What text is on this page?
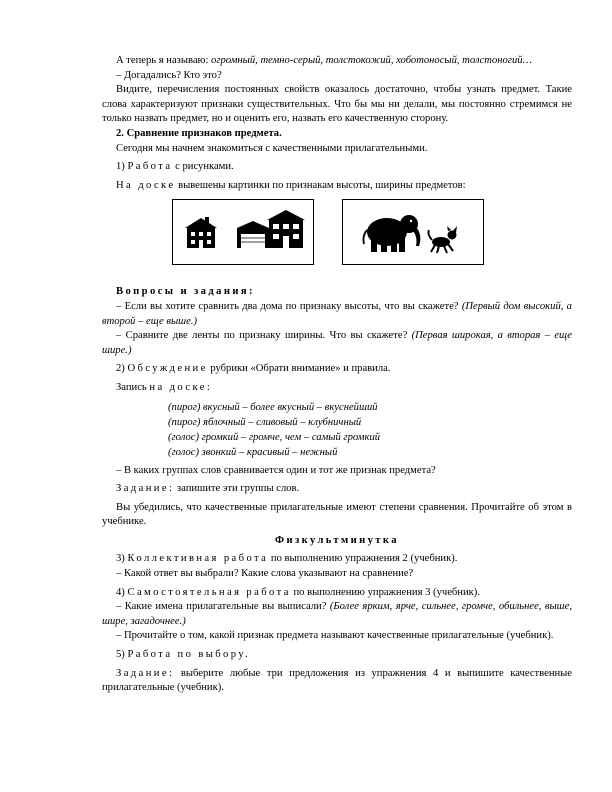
А теперь я называю: огромный, темно-серый, толстокожий, хоботоносый, толстоногий…

– Догадались? Кто это?

Видите, перечисления постоянных свойств оказалось достаточно, чтобы узнать предмет. Такие слова характеризуют признаки существительных. Что бы мы ни делали, мы постоянно стремимся не только назвать предмет, но и оценить его, назвать его качественную сторону.

2. Сравнение признаков предмета.

Сегодня мы начнем знакомиться с качественными прилагательными.

1) Работа с рисунками.

На доске вывешены картинки по признакам высоты, ширины предметов:

Вопросы и задания:

– Если вы хотите сравнить два дома по признаку высоты, что вы скажете? (Первый дом высокий, а второй – еще выше.)

– Сравните две ленты по признаку ширины. Что вы скажете? (Первая широкая, а вторая – еще шире.)

2) Обсуждение рубрики «Обрати внимание» и правила.

Запись на доске:

(пирог) вкусный – более вкусный – вкуснейший
(пирог) яблочный – сливовый – клубничный
(голос) громкий – громче, чем – самый громкий
(голос) звонкий – красивый – нежный

– В каких группах слов сравнивается один и тот же признак предмета?

Задание: запишите эти группы слов.

Вы убедились, что качественные прилагательные имеют степени сравнения. Прочитайте об этом в учебнике.

Физкультминутка

3) Коллективная работа по выполнению упражнения 2 (учебник).

– Какой ответ вы выбрали? Какие слова указывают на сравнение?

4) Самостоятельная работа по выполнению упражнения 3 (учебник).

– Какие имена прилагательные вы выписали? (Более ярким, ярче, сильнее, громче, обильнее, выше, шире, загадочнее.)

– Прочитайте о том, какой признак предмета называют качественные прилагательные (учебник).

5) Работа по выбору.

Задание: выберите любые три предложения из упражнения 4 и выпишите качественные прилагательные (учебник).
